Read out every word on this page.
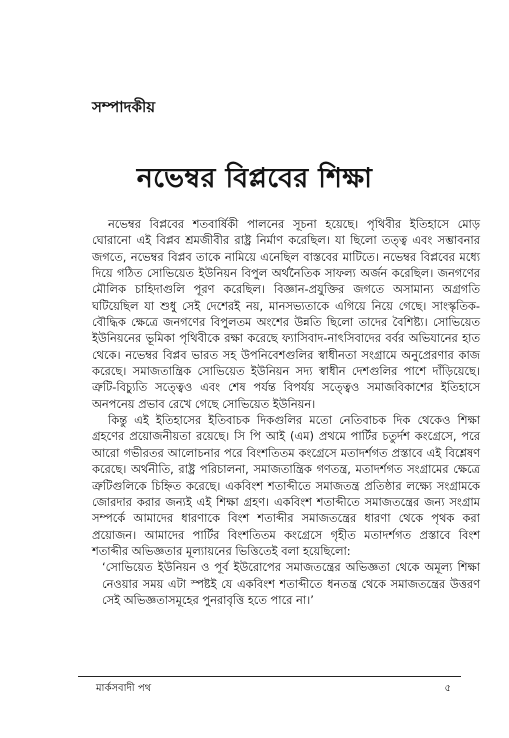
সম্পাদকীয়
নভেম্বর বিপ্লবের শিক্ষা

নভেম্বর বিপ্লবের শতবার্ষিকী পালনের সূচনা হয়েছে। পৃথিবীর ইতিহাসে মোড় ঘোরানো এই বিপ্লব শ্রমজীবীর রাষ্ট্র নির্মাণ করেছিল। যা ছিলো তত্ত্ব এবং সম্ভাবনার জগতে, নভেম্বর বিপ্লব তাকে নামিয়ে এনেছিল বাস্তবের মাটিতে। নভেম্বর বিপ্লবের মধ্যে দিয়ে গঠিত সোভিয়েত ইউনিয়ন বিপুল অর্থনৈতিক সাফল্য অর্জন করেছিল। জনগণের মৌলিক চাহিদাগুলি পূরণ করেছিল। বিজ্ঞান-প্রযুক্তির জগতে অসামান্য অগ্রগতি ঘটিয়েছিল যা শুধু সেই দেশেরই নয়, মানসভ্যতাকে এগিয়ে নিয়ে গেছে। সাংস্কৃতিক-বৌদ্ধিক ক্ষেত্রে জনগণের বিপুলতম অংশের উন্নতি ছিলো তাদের বৈশিষ্ট্য। সোভিয়েত ইউনিয়নের ভূমিকা পৃথিবীকে রক্ষা করেছে ফ্যাসিবাদ-নাৎসিবাদের বর্বর অভিযানের হাত থেকে। নভেম্বর বিপ্লব ভারত সহ উপনিবেশগুলির স্বাধীনতা সংগ্রামে অনুপ্রেরণার কাজ করেছে। সমাজতান্ত্রিক সোভিয়েত ইউনিয়ন সদ্য স্বাধীন দেশগুলির পাশে দাঁড়িয়েছে। ত্রুটি-বিচ্যুতি সত্ত্বেও এবং শেষ পর্যন্ত বিপর্যয় সত্ত্বেও সমাজবিকাশের ইতিহাসে অনপনেয় প্রভাব রেখে গেছে সোভিয়েত ইউনিয়ন।

কিন্তু এই ইতিহাসের ইতিবাচক দিকগুলির মতো নেতিবাচক দিক থেকেও শিক্ষা গ্রহণের প্রয়োজনীয়তা রয়েছে। সি পি আই (এম) প্রথমে পার্টির চতুর্দশ কংগ্রেসে, পরে আরো গভীরতর আলোচনার পরে বিংশতিতম কংগ্রেসে মতাদর্শগত প্রস্তাবে এই বিশ্লেষণ করেছে। অর্থনীতি, রাষ্ট্র পরিচালনা, সমাজতান্ত্রিক গণতন্ত্র, মতাদর্শগত সংগ্রামের ক্ষেত্রে ত্রুটিগুলিকে চিহ্নিত করেছে। একবিংশ শতাব্দীতে সমাজতন্ত্র প্রতিষ্ঠার লক্ষ্যে সংগ্রামকে জোরদার করার জন্যই এই শিক্ষা গ্রহণ। একবিংশ শতাব্দীতে সমাজতন্ত্রের জন্য সংগ্রাম সম্পর্কে আমাদের ধারণাকে বিংশ শতাব্দীর সমাজতন্ত্রের ধারণা থেকে পৃথক করা প্রয়োজন। আমাদের পার্টির বিংশতিতম কংগ্রেসে গৃহীত মতাদর্শগত প্রস্তাবে বিংশ শতাব্দীর অভিজ্ঞতার মূল্যায়নের ভিত্তিতেই বলা হয়েছিলো:

‘সোভিয়েত ইউনিয়ন ও পূর্ব ইউরোপের সমাজতন্ত্রের অভিজ্ঞতা থেকে অমূল্য শিক্ষা নেওয়ার সময় এটা স্পষ্টই যে একবিংশ শতাব্দীতে ধনতন্ত্র থেকে সমাজতন্ত্রের উত্তরণ সেই অভিজ্ঞতাসমূহের পুনরাবৃত্তি হতে পারে না।’
মার্কসবাদী পথ	৫
